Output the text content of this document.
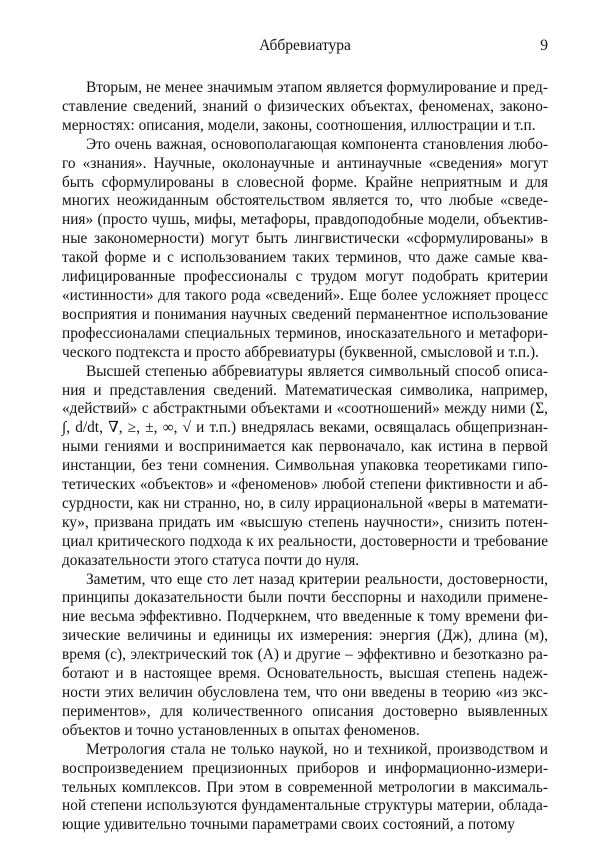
Аббревиатура	9

Вторым, не менее значимым этапом является формулирование и представление сведений, знаний о физических объектах, феноменах, закономерностях: описания, модели, законы, соотношения, иллюстрации и т.п.

Это очень важная, основополагающая компонента становления любого «знания». Научные, околонаучные и антинаучные «сведения» могут быть сформулированы в словесной форме. Крайне неприятным и для многих неожиданным обстоятельством является то, что любые «сведения» (просто чушь, мифы, метафоры, правдоподобные модели, объективные закономерности) могут быть лингвистически «сформулированы» в такой форме и с использованием таких терминов, что даже самые квалифицированные профессионалы с трудом могут подобрать критерии «истинности» для такого рода «сведений». Еще более усложняет процесс восприятия и понимания научных сведений перманентное использование профессионалами специальных терминов, иносказательного и метафорического подтекста и просто аббревиатуры (буквенной, смысловой и т.п.).

Высшей степенью аббревиатуры является символьный способ описания и представления сведений. Математическая символика, например, «действий» с абстрактными объектами и «соотношений» между ними (Σ, ∫, d/dt, ∇, ≥, ±, ∞, √ и т.п.) внедрялась веками, освящалась общепризнанными гениями и воспринимается как первоначало, как истина в первой инстанции, без тени сомнения. Символьная упаковка теоретиками гипотетических «объектов» и «феноменов» любой степени фиктивности и абсурдности, как ни странно, но, в силу иррациональной «веры в математику», призвана придать им «высшую степень научности», снизить потенциал критического подхода к их реальности, достоверности и требование доказательности этого статуса почти до нуля.

Заметим, что еще сто лет назад критерии реальности, достоверности, принципы доказательности были почти бесспорны и находили применение весьма эффективно. Подчеркнем, что введенные к тому времени физические величины и единицы их измерения: энергия (Дж), длина (м), время (с), электрический ток (А) и другие – эффективно и безотказно работают и в настоящее время. Основательность, высшая степень надежности этих величин обусловлена тем, что они введены в теорию «из экспериментов», для количественного описания достоверно выявленных объектов и точно установленных в опытах феноменов.

Метрология стала не только наукой, но и техникой, производством и воспроизведением прецизионных приборов и информационно-измерительных комплексов. При этом в современной метрологии в максимальной степени используются фундаментальные структуры материи, обладающие удивительно точными параметрами своих состояний, а потому
